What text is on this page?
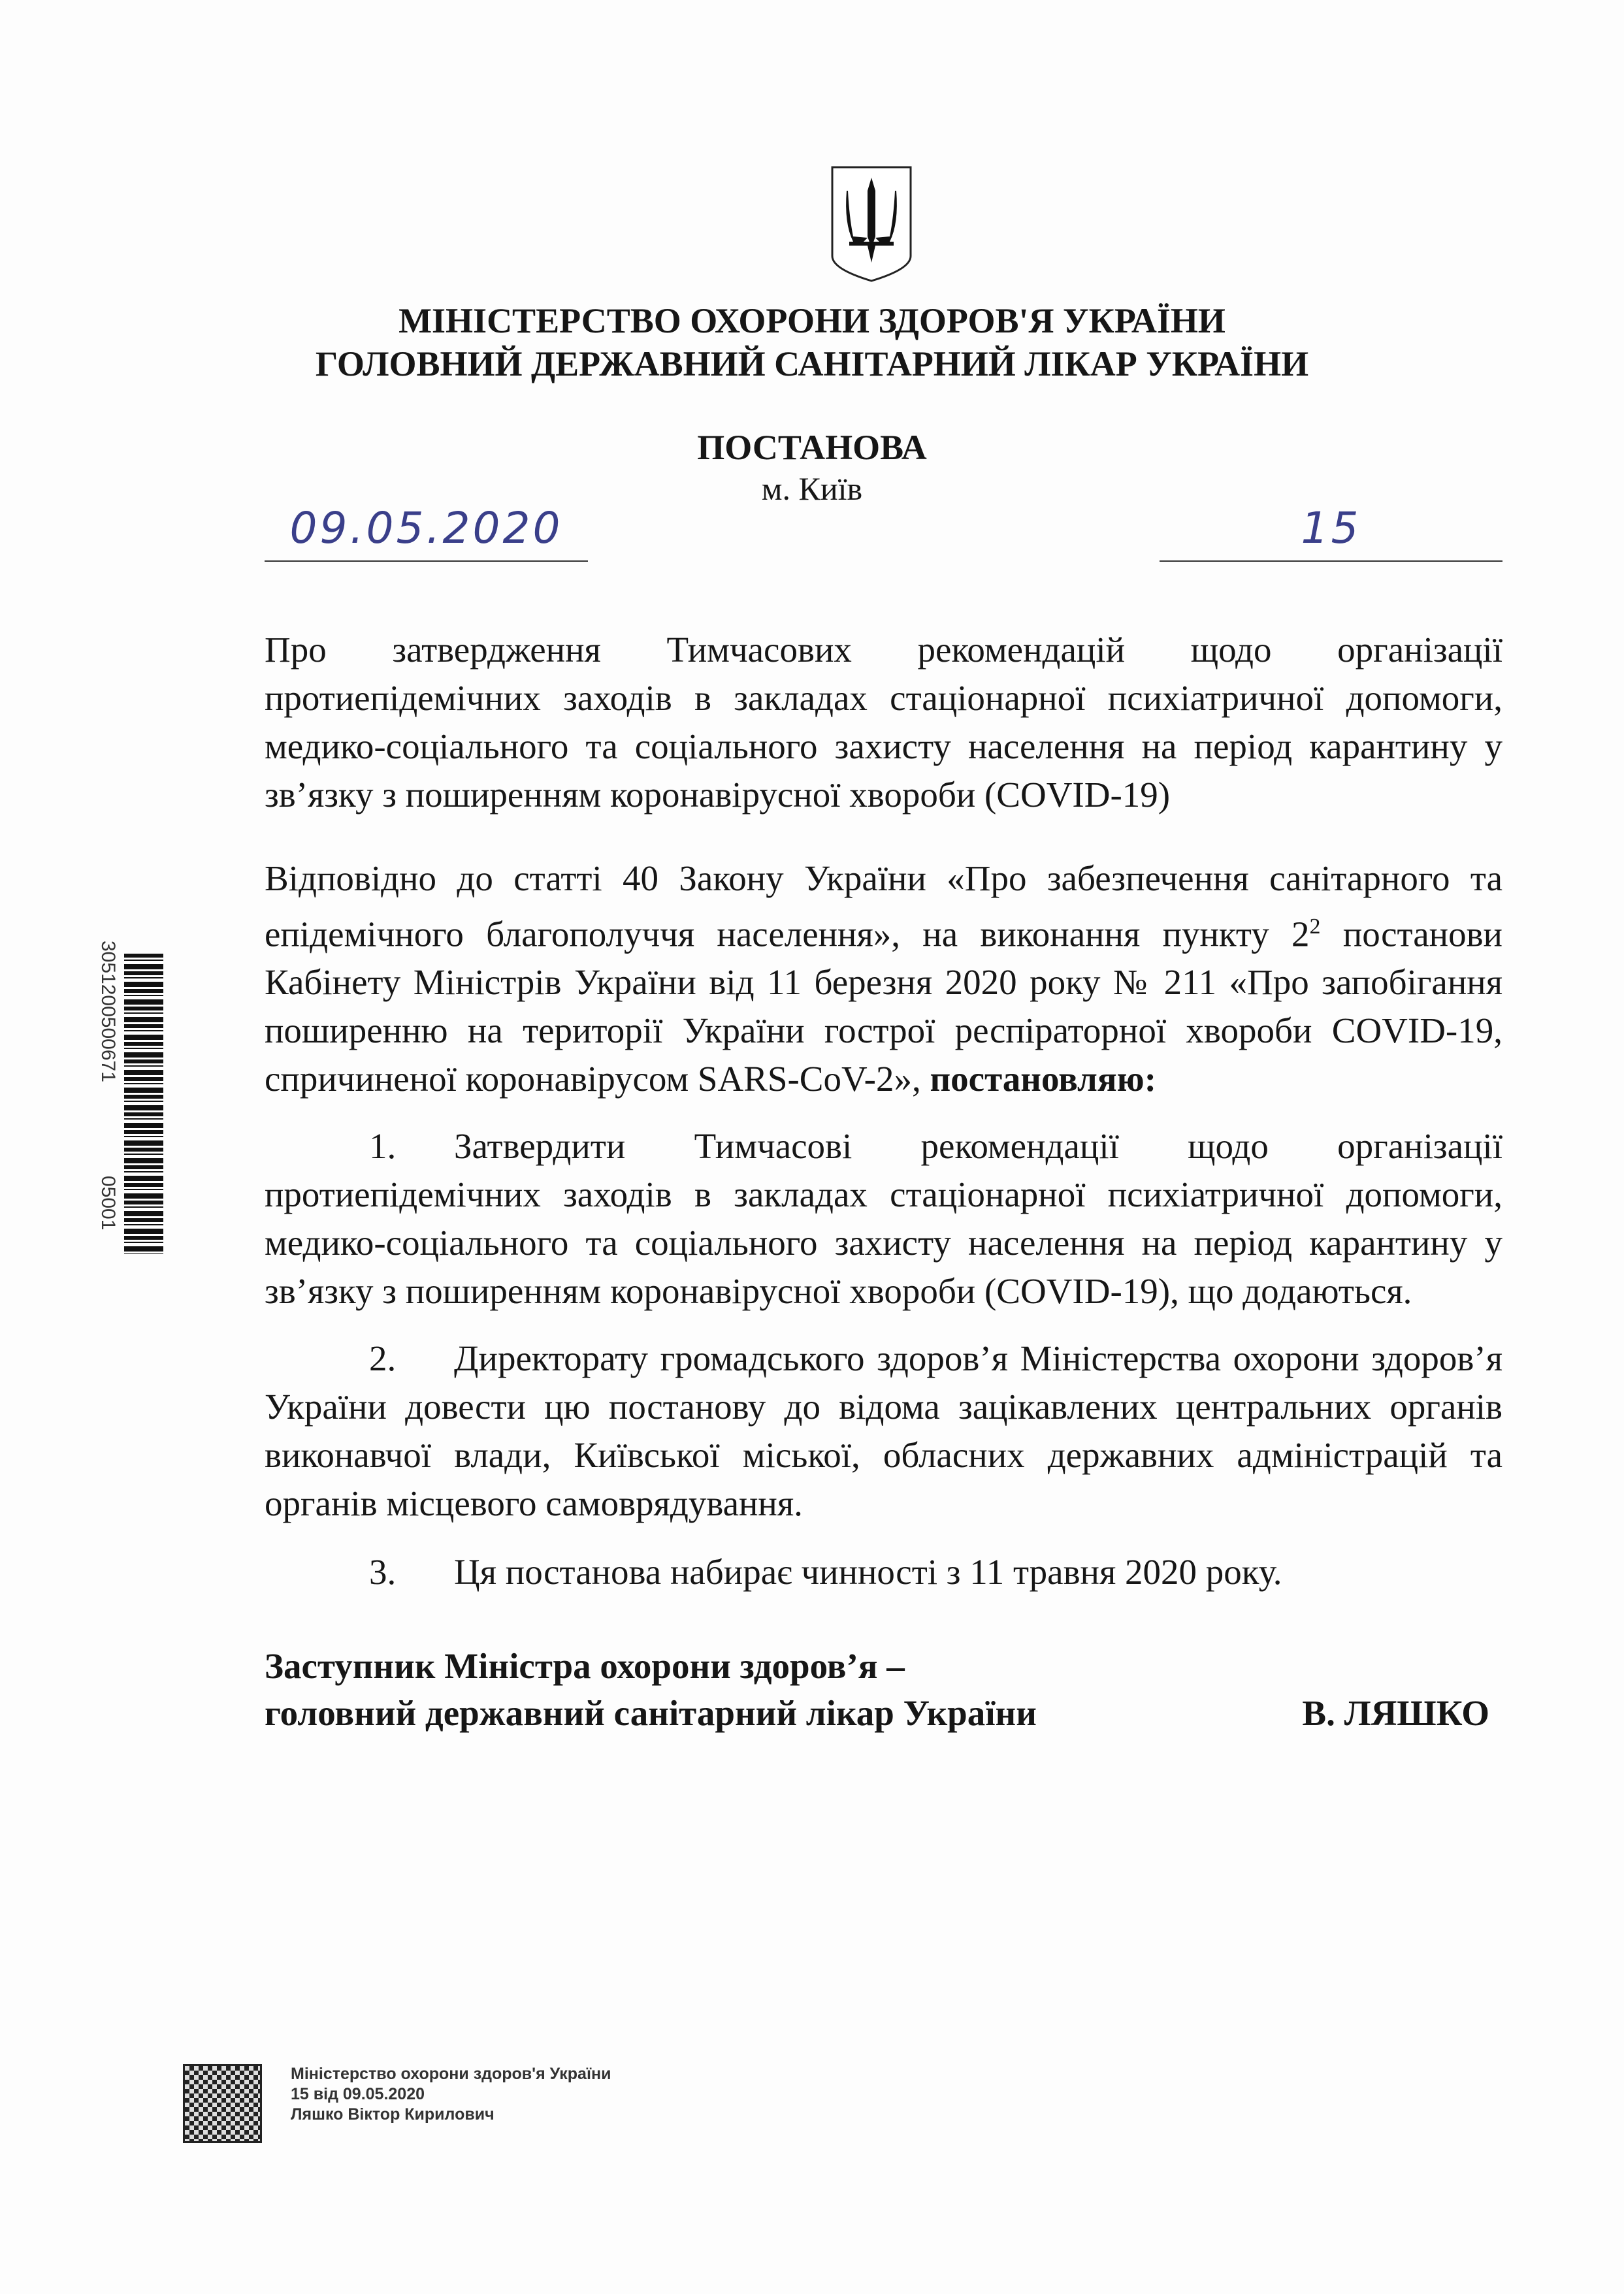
МІНІСТЕРСТВО ОХОРОНИ ЗДОРОВ'Я УКРАЇНИ
ГОЛОВНИЙ ДЕРЖАВНИЙ САНІТАРНИЙ ЛІКАР УКРАЇНИ
ПОСТАНОВА
м. Київ
09.05.2020	15

Про затвердження Тимчасових рекомендацій щодо організації протиепідемічних заходів в закладах стаціонарної психіатричної допомоги, медико-соціального та соціального захисту населення на період карантину у зв’язку з поширенням коронавірусної хвороби (COVID-19)

Відповідно до статті 40 Закону України «Про забезпечення санітарного та епідемічного благополуччя населення», на виконання пункту $2^2$ постанови Кабінету Міністрів України від 11 березня 2020 року № 211 «Про запобігання поширенню на території України гострої респіраторної хвороби COVID-19, спричиненої коронавірусом SARS-CoV-2», постановляю:

1. Затвердити Тимчасові рекомендації щодо організації протиепідемічних заходів в закладах стаціонарної психіатричної допомоги, медико-соціального та соціального захисту населення на період карантину у зв’язку з поширенням коронавірусної хвороби (COVID-19), що додаються.

2. Директорату громадського здоров’я Міністерства охорони здоров’я України довести цю постанову до відома зацікавлених центральних органів виконавчої влади, Київської міської, обласних державних адміністрацій та органів місцевого самоврядування.

3. Ця постанова набирає чинності з 11 травня 2020 року.

Заступник Міністра охорони здоров’я –
головний державний санітарний лікар України	В. ЛЯШКО
3051200500671
05001
Міністерство охорони здоров'я України
15 від 09.05.2020
Ляшко Віктор Кирилович
